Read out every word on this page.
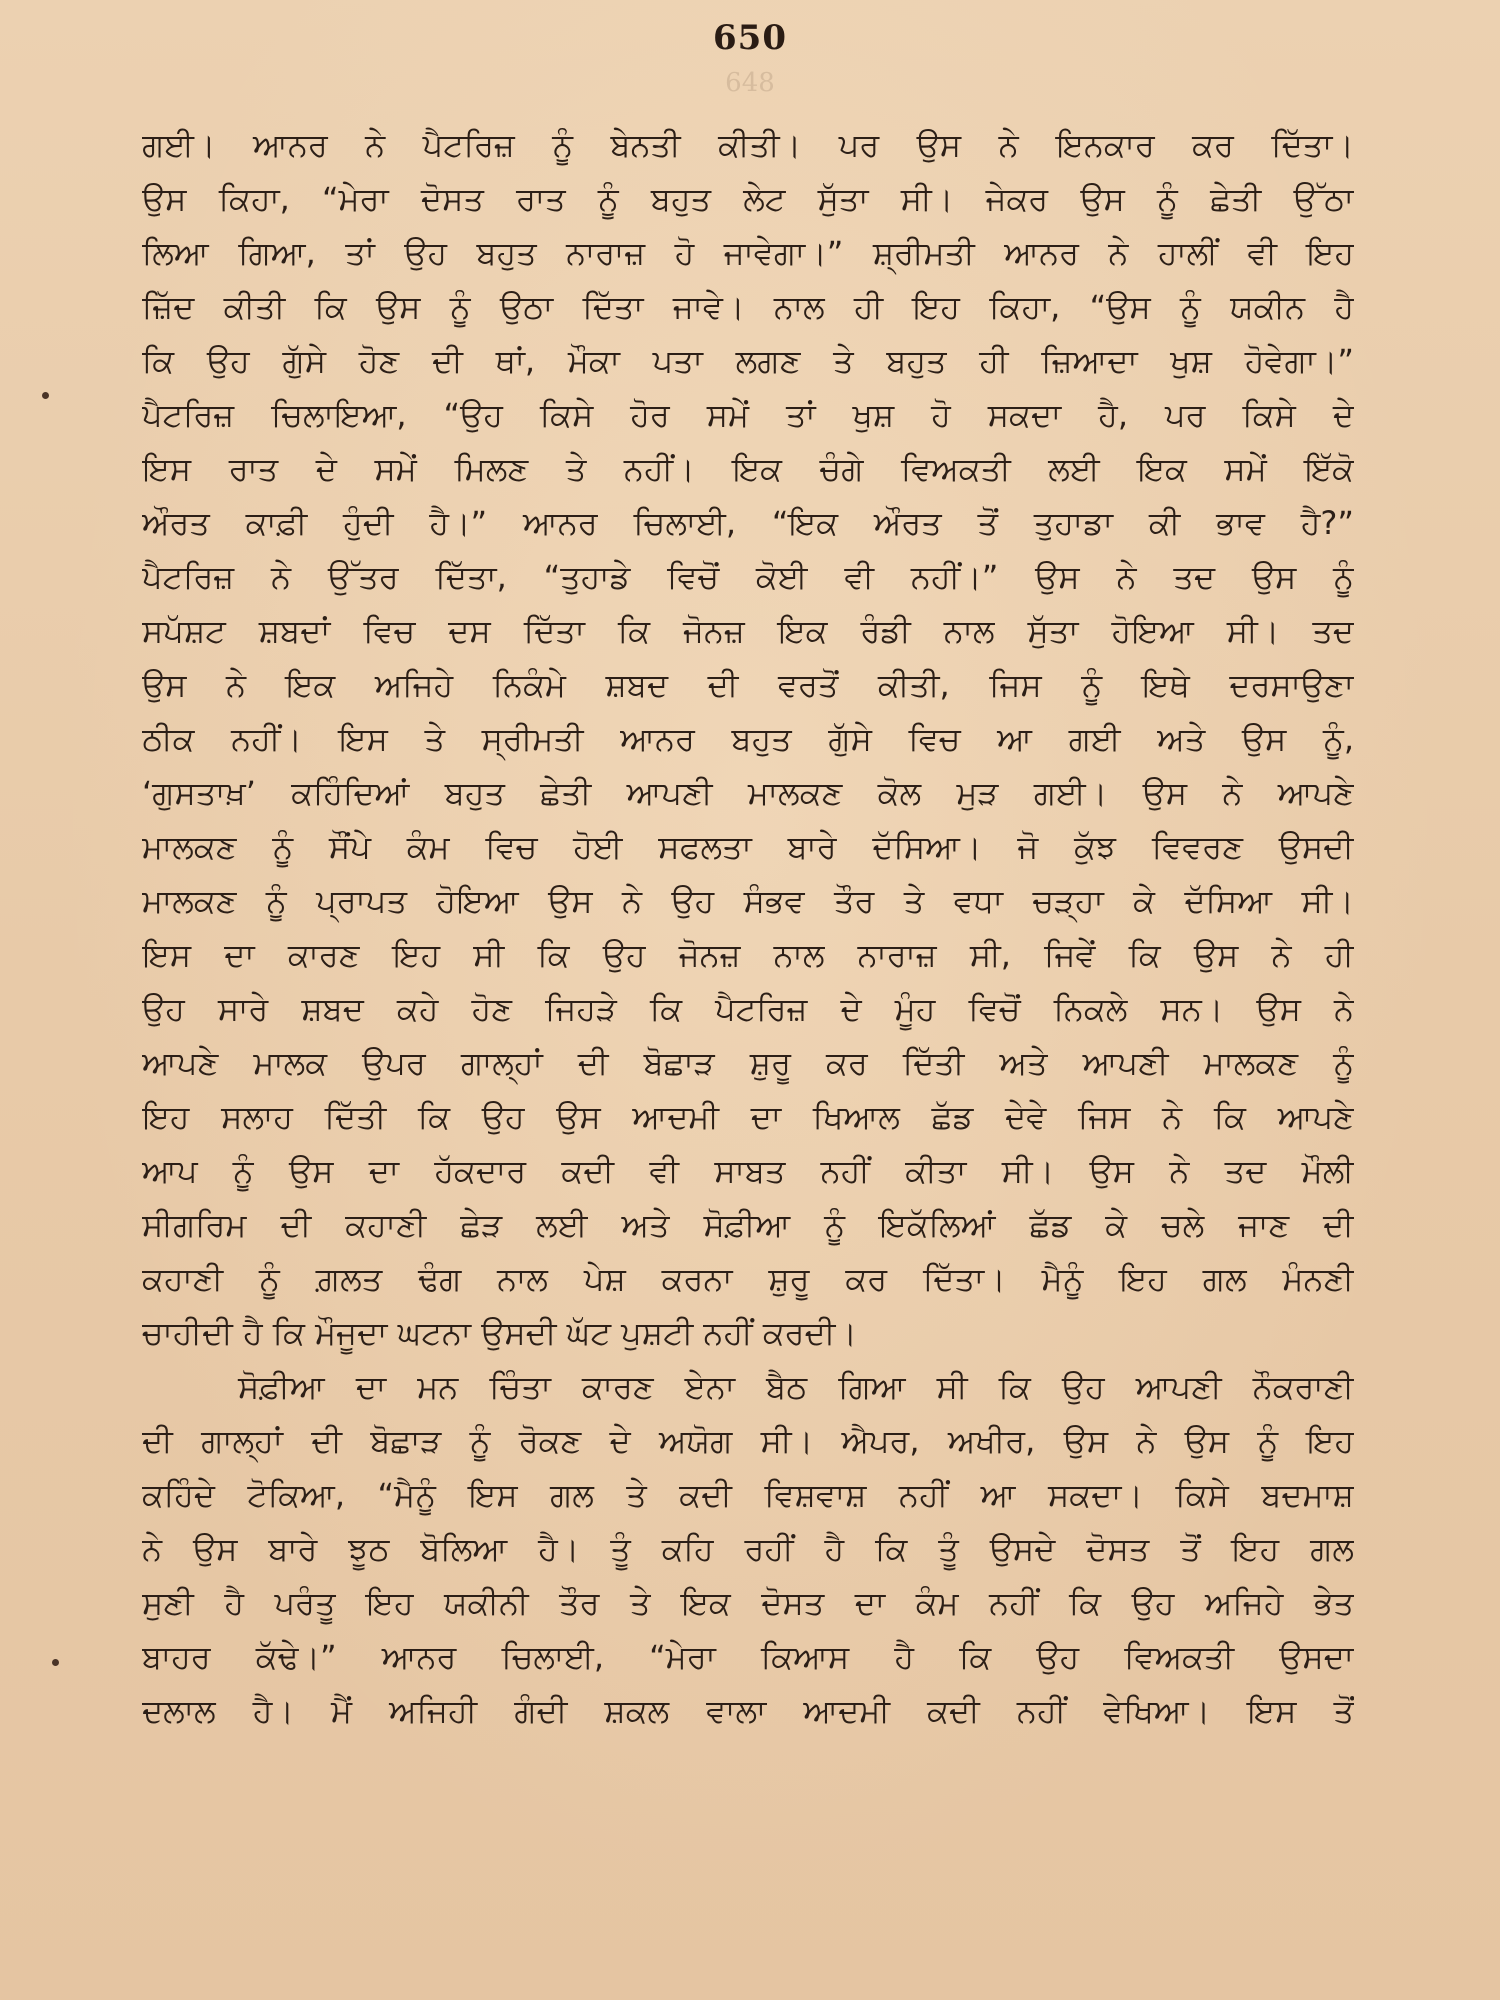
648
650
ਗਈ। ਆਨਰ ਨੇ ਪੈਟਰਿਜ਼ ਨੂੰ ਬੇਨਤੀ ਕੀਤੀ। ਪਰ ਉਸ ਨੇ ਇਨਕਾਰ ਕਰ ਦਿੱਤਾ।
ਉਸ ਕਿਹਾ, “ਮੇਰਾ ਦੋਸਤ ਰਾਤ ਨੂੰ ਬਹੁਤ ਲੇਟ ਸੁੱਤਾ ਸੀ। ਜੇਕਰ ਉਸ ਨੂੰ ਛੇਤੀ ਉੱਠਾ
ਲਿਆ ਗਿਆ, ਤਾਂ ਉਹ ਬਹੁਤ ਨਾਰਾਜ਼ ਹੋ ਜਾਵੇਗਾ।” ਸ਼੍ਰੀਮਤੀ ਆਨਰ ਨੇ ਹਾਲੀਂ ਵੀ ਇਹ
ਜ਼ਿੱਦ ਕੀਤੀ ਕਿ ਉਸ ਨੂੰ ਉਠਾ ਦਿੱਤਾ ਜਾਵੇ। ਨਾਲ ਹੀ ਇਹ ਕਿਹਾ, “ਉਸ ਨੂੰ ਯਕੀਨ ਹੈ
ਕਿ ਉਹ ਗੁੱਸੇ ਹੋਣ ਦੀ ਥਾਂ, ਮੌਕਾ ਪਤਾ ਲਗਣ ਤੇ ਬਹੁਤ ਹੀ ਜ਼ਿਆਦਾ ਖੁਸ਼ ਹੋਵੇਗਾ।”
ਪੈਟਰਿਜ਼ ਚਿਲਾਇਆ, “ਉਹ ਕਿਸੇ ਹੋਰ ਸਮੇਂ ਤਾਂ ਖੁਸ਼ ਹੋ ਸਕਦਾ ਹੈ, ਪਰ ਕਿਸੇ ਦੇ
ਇਸ ਰਾਤ ਦੇ ਸਮੇਂ ਮਿਲਣ ਤੇ ਨਹੀਂ। ਇਕ ਚੰਗੇ ਵਿਅਕਤੀ ਲਈ ਇਕ ਸਮੇਂ ਇੱਕੋ
ਔਰਤ ਕਾਫ਼ੀ ਹੁੰਦੀ ਹੈ।” ਆਨਰ ਚਿਲਾਈ, “ਇਕ ਔਰਤ ਤੋਂ ਤੁਹਾਡਾ ਕੀ ਭਾਵ ਹੈ?”
ਪੈਟਰਿਜ਼ ਨੇ ਉੱਤਰ ਦਿੱਤਾ, “ਤੁਹਾਡੇ ਵਿਚੋਂ ਕੋਈ ਵੀ ਨਹੀਂ।” ਉਸ ਨੇ ਤਦ ਉਸ ਨੂੰ
ਸਪੱਸ਼ਟ ਸ਼ਬਦਾਂ ਵਿਚ ਦਸ ਦਿੱਤਾ ਕਿ ਜੋਨਜ਼ ਇਕ ਰੰਡੀ ਨਾਲ ਸੁੱਤਾ ਹੋਇਆ ਸੀ। ਤਦ
ਉਸ ਨੇ ਇਕ ਅਜਿਹੇ ਨਿਕੰਮੇ ਸ਼ਬਦ ਦੀ ਵਰਤੋਂ ਕੀਤੀ, ਜਿਸ ਨੂੰ ਇਥੇ ਦਰਸਾਉਣਾ
ਠੀਕ ਨਹੀਂ। ਇਸ ਤੇ ਸ੍ਰੀਮਤੀ ਆਨਰ ਬਹੁਤ ਗੁੱਸੇ ਵਿਚ ਆ ਗਈ ਅਤੇ ਉਸ ਨੂੰ,
‘ਗੁਸਤਾਖ਼’ ਕਹਿੰਦਿਆਂ ਬਹੁਤ ਛੇਤੀ ਆਪਣੀ ਮਾਲਕਣ ਕੋਲ ਮੁੜ ਗਈ। ਉਸ ਨੇ ਆਪਣੇ
ਮਾਲਕਣ ਨੂੰ ਸੌਂਪੇ ਕੰਮ ਵਿਚ ਹੋਈ ਸਫਲਤਾ ਬਾਰੇ ਦੱਸਿਆ। ਜੋ ਕੁੱਝ ਵਿਵਰਣ ਉਸਦੀ
ਮਾਲਕਣ ਨੂੰ ਪ੍ਰਾਪਤ ਹੋਇਆ ਉਸ ਨੇ ਉਹ ਸੰਭਵ ਤੌਰ ਤੇ ਵਧਾ ਚੜ੍ਹਾ ਕੇ ਦੱਸਿਆ ਸੀ।
ਇਸ ਦਾ ਕਾਰਣ ਇਹ ਸੀ ਕਿ ਉਹ ਜੋਨਜ਼ ਨਾਲ ਨਾਰਾਜ਼ ਸੀ, ਜਿਵੇਂ ਕਿ ਉਸ ਨੇ ਹੀ
ਉਹ ਸਾਰੇ ਸ਼ਬਦ ਕਹੇ ਹੋਣ ਜਿਹੜੇ ਕਿ ਪੈਟਰਿਜ਼ ਦੇ ਮੂੰਹ ਵਿਚੋਂ ਨਿਕਲੇ ਸਨ। ਉਸ ਨੇ
ਆਪਣੇ ਮਾਲਕ ਉਪਰ ਗਾਲ੍ਹਾਂ ਦੀ ਬੋਛਾੜ ਸ਼ੁਰੂ ਕਰ ਦਿੱਤੀ ਅਤੇ ਆਪਣੀ ਮਾਲਕਣ ਨੂੰ
ਇਹ ਸਲਾਹ ਦਿੱਤੀ ਕਿ ਉਹ ਉਸ ਆਦਮੀ ਦਾ ਖਿਆਲ ਛੱਡ ਦੇਵੇ ਜਿਸ ਨੇ ਕਿ ਆਪਣੇ
ਆਪ ਨੂੰ ਉਸ ਦਾ ਹੱਕਦਾਰ ਕਦੀ ਵੀ ਸਾਬਤ ਨਹੀਂ ਕੀਤਾ ਸੀ। ਉਸ ਨੇ ਤਦ ਮੌਲੀ
ਸੀਗਰਿਮ ਦੀ ਕਹਾਣੀ ਛੇੜ ਲਈ ਅਤੇ ਸੋਫ਼ੀਆ ਨੂੰ ਇਕੱਲਿਆਂ ਛੱਡ ਕੇ ਚਲੇ ਜਾਣ ਦੀ
ਕਹਾਣੀ ਨੂੰ ਗ਼ਲਤ ਢੰਗ ਨਾਲ ਪੇਸ਼ ਕਰਨਾ ਸ਼ੁਰੂ ਕਰ ਦਿੱਤਾ। ਮੈਨੂੰ ਇਹ ਗਲ ਮੰਨਣੀ
ਚਾਹੀਦੀ ਹੈ ਕਿ ਮੌਜੂਦਾ ਘਟਨਾ ਉਸਦੀ ਘੱਟ ਪੁਸ਼ਟੀ ਨਹੀਂ ਕਰਦੀ।
ਸੋਫ਼ੀਆ ਦਾ ਮਨ ਚਿੰਤਾ ਕਾਰਣ ਏਨਾ ਬੈਠ ਗਿਆ ਸੀ ਕਿ ਉਹ ਆਪਣੀ ਨੌਕਰਾਣੀ
ਦੀ ਗਾਲ੍ਹਾਂ ਦੀ ਬੋਛਾੜ ਨੂੰ ਰੋਕਣ ਦੇ ਅਯੋਗ ਸੀ। ਐਪਰ, ਅਖੀਰ, ਉਸ ਨੇ ਉਸ ਨੂੰ ਇਹ
ਕਹਿੰਦੇ ਟੋਕਿਆ, “ਮੈਨੂੰ ਇਸ ਗਲ ਤੇ ਕਦੀ ਵਿਸ਼ਵਾਸ਼ ਨਹੀਂ ਆ ਸਕਦਾ। ਕਿਸੇ ਬਦਮਾਸ਼
ਨੇ ਉਸ ਬਾਰੇ ਝੂਠ ਬੋਲਿਆ ਹੈ। ਤੂੰ ਕਹਿ ਰਹੀਂ ਹੈ ਕਿ ਤੂੰ ਉਸਦੇ ਦੋਸਤ ਤੋਂ ਇਹ ਗਲ
ਸੁਣੀ ਹੈ ਪਰੰਤੂ ਇਹ ਯਕੀਨੀ ਤੌਰ ਤੇ ਇਕ ਦੋਸਤ ਦਾ ਕੰਮ ਨਹੀਂ ਕਿ ਉਹ ਅਜਿਹੇ ਭੇਤ
ਬਾਹਰ ਕੱਢੇ।” ਆਨਰ ਚਿਲਾਈ, “ਮੇਰਾ ਕਿਆਸ ਹੈ ਕਿ ਉਹ ਵਿਅਕਤੀ ਉਸਦਾ
ਦਲਾਲ ਹੈ। ਮੈਂ ਅਜਿਹੀ ਗੰਦੀ ਸ਼ਕਲ ਵਾਲਾ ਆਦਮੀ ਕਦੀ ਨਹੀਂ ਵੇਖਿਆ। ਇਸ ਤੋਂ
